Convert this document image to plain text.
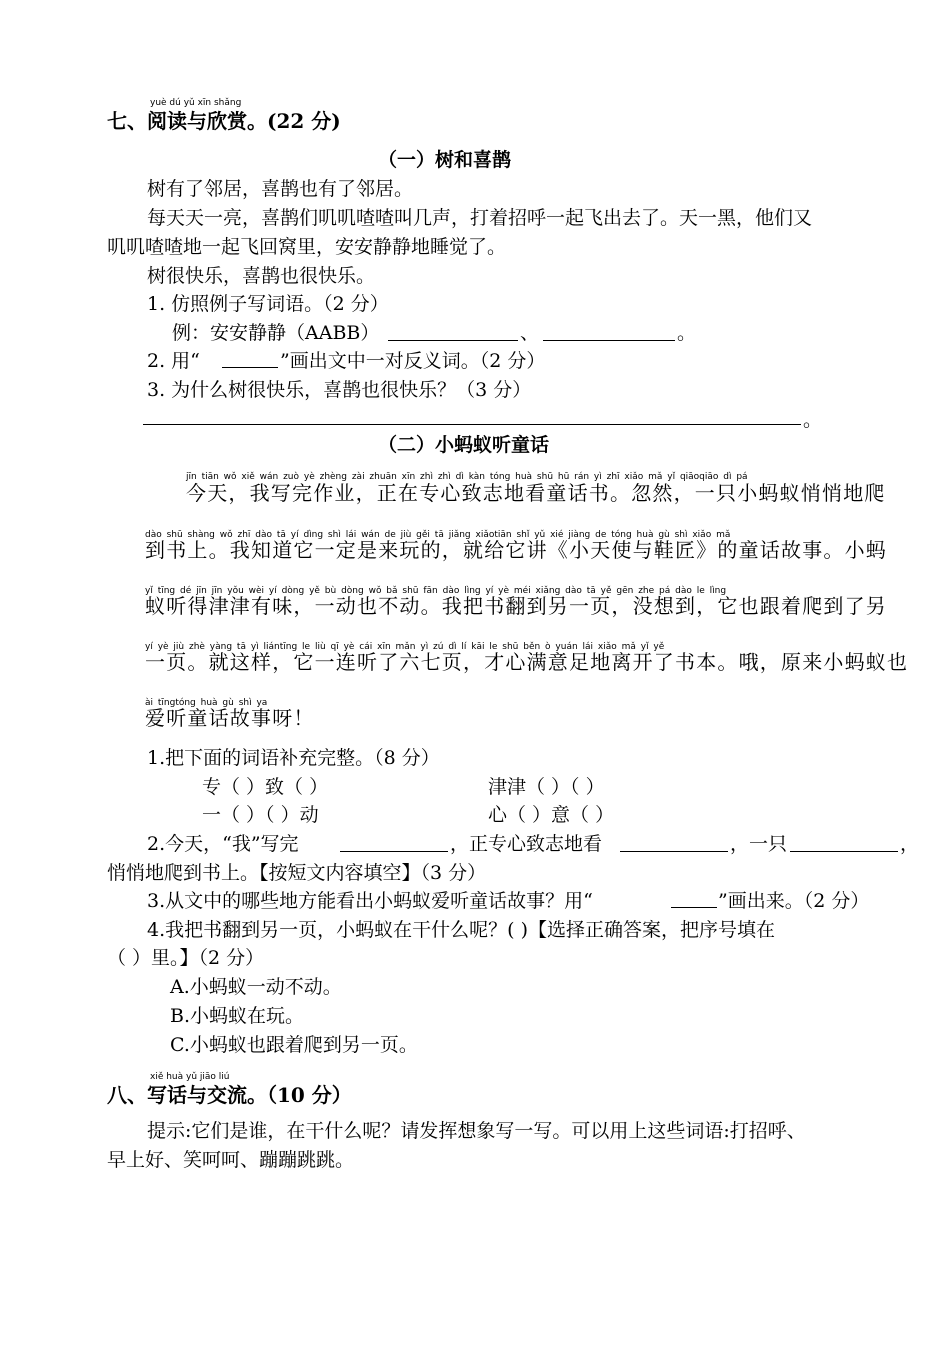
yuè dú yǔ xīn shǎng
七、阅读与欣赏。(22 分)
（一）树和喜鹊
树有了邻居，喜鹊也有了邻居。
每天天一亮，喜鹊们叽叽喳喳叫几声，打着招呼一起飞出去了。天一黑，他们又
叽叽喳喳地一起飞回窝里，安安静静地睡觉了。
树很快乐，喜鹊也很快乐。
1. 仿照例子写词语。（2 分）
例：安安静静（AABB）	、	。
2. 用“	”画出文中一对反义词。（2 分）
3. 为什么树很快乐，喜鹊也很快乐？（3 分）
。
（二）小蚂蚁听童话
jīn tiān wǒ xiě wán zuò yè zhèng zài zhuān xīn zhì zhì dì kàn tóng huà shū hū rán yì zhī xiǎo mǎ yǐ qiāoqiāo dì pá
今天，我写完作业，正在专心致志地看童话书。忽然，一只小蚂蚁悄悄地爬
dào shū shàng wǒ zhī dào tā yí dìng shì lái wán de jiù gěi tā jiǎng xiǎotiān shǐ yǔ xié jiàng de tóng huà gù shì xiǎo mǎ
到书上。我知道它一定是来玩的，就给它讲《小天使与鞋匠》的童话故事。小蚂
yǐ tīng dé jīn jīn yǒu wèi yí dòng yě bù dòng wǒ bǎ shū fān dào lìng yí yè méi xiǎng dào tā yě gēn zhe pá dào le lìng
蚁听得津津有味，一动也不动。我把书翻到另一页，没想到，它也跟着爬到了另
yí yè jiù zhè yàng tā yì liántīng le liù qī yè cái xīn mǎn yì zú dì lí kāi le shū běn ò yuán lái xiǎo mǎ yǐ yě
一页。就这样，它一连听了六七页，才心满意足地离开了书本。哦，原来小蚂蚁也
ài tīngtóng huà gù shì ya
爱听童话故事呀！
1.把下面的词语补充完整。（8 分）
专（ ）致（ ）	津津（ ）（ ）
一（ ）（ ）动	心（ ）意（ ）
2.今天，“我”写完	，正专心致志地看	，一只	，
悄悄地爬到书上。【按短文内容填空】（3 分）
3.从文中的哪些地方能看出小蚂蚁爱听童话故事？用“	”画出来。（2 分）
4.我把书翻到另一页，小蚂蚁在干什么呢？( )【选择正确答案，把序号填在
（ ）里。】（2 分）
A.小蚂蚁一动不动。
B.小蚂蚁在玩。
C.小蚂蚁也跟着爬到另一页。
xiě huà yǔ jiāo liú
八、写话与交流。（10 分）
提示:它们是谁，在干什么呢？请发挥想象写一写。可以用上这些词语:打招呼、
早上好、笑呵呵、蹦蹦跳跳。
